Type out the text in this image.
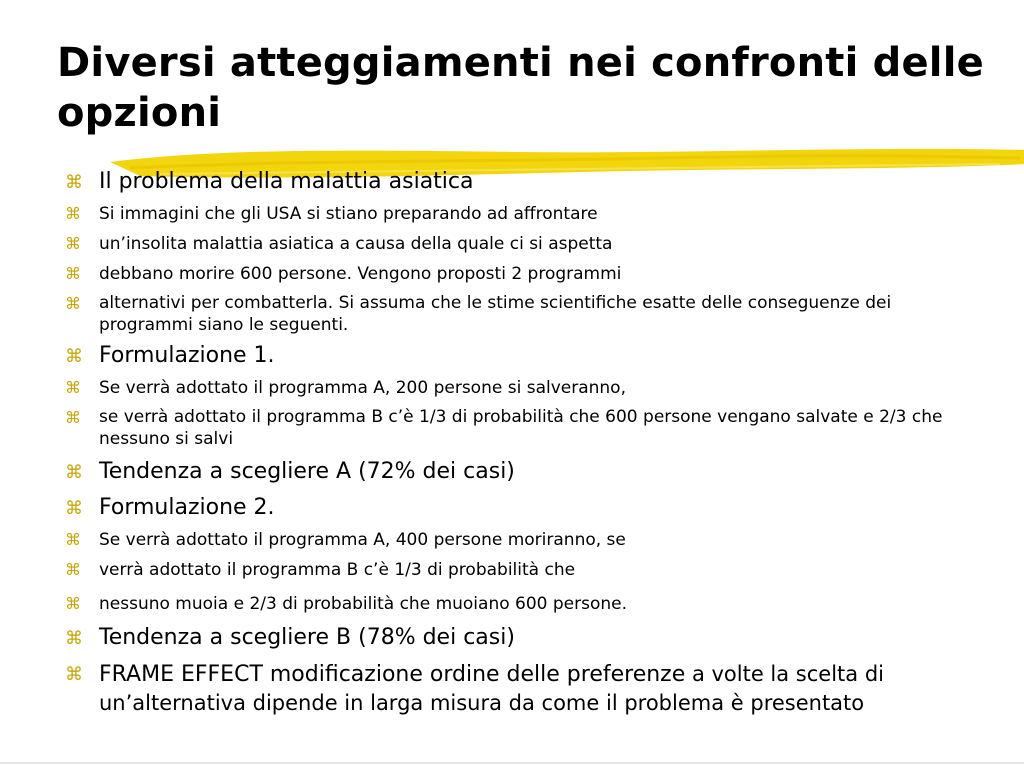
Diversi atteggiamenti nei confronti delle opzioni
⌘ Il problema della malattia asiatica
⌘	Si immagini che gli USA si stiano preparando ad affrontare
⌘	un’insolita malattia asiatica a causa della quale ci si aspetta
⌘	debbano morire 600 persone. Vengono proposti 2 programmi
⌘	alternativi per combatterla. Si assuma che le stime scientifiche esatte delle conseguenze dei programmi siano le seguenti.
⌘ Formulazione 1.
⌘	Se verrà adottato il programma A, 200 persone si salveranno,
⌘	se verrà adottato il programma B c’è 1/3 di probabilità che 600 persone vengano salvate e 2/3 che nessuno si salvi
⌘ Tendenza a scegliere A (72% dei casi)
⌘ Formulazione 2.
⌘	Se verrà adottato il programma A, 400 persone moriranno, se
⌘	verrà adottato il programma B c’è 1/3 di probabilità che
⌘	nessuno muoia e 2/3 di probabilità che muoiano 600 persone.
⌘ Tendenza a scegliere B (78% dei casi)
⌘ FRAME EFFECT modificazione ordine delle preferenze a volte la scelta di un’alternativa dipende in larga misura da come il problema è presentato
